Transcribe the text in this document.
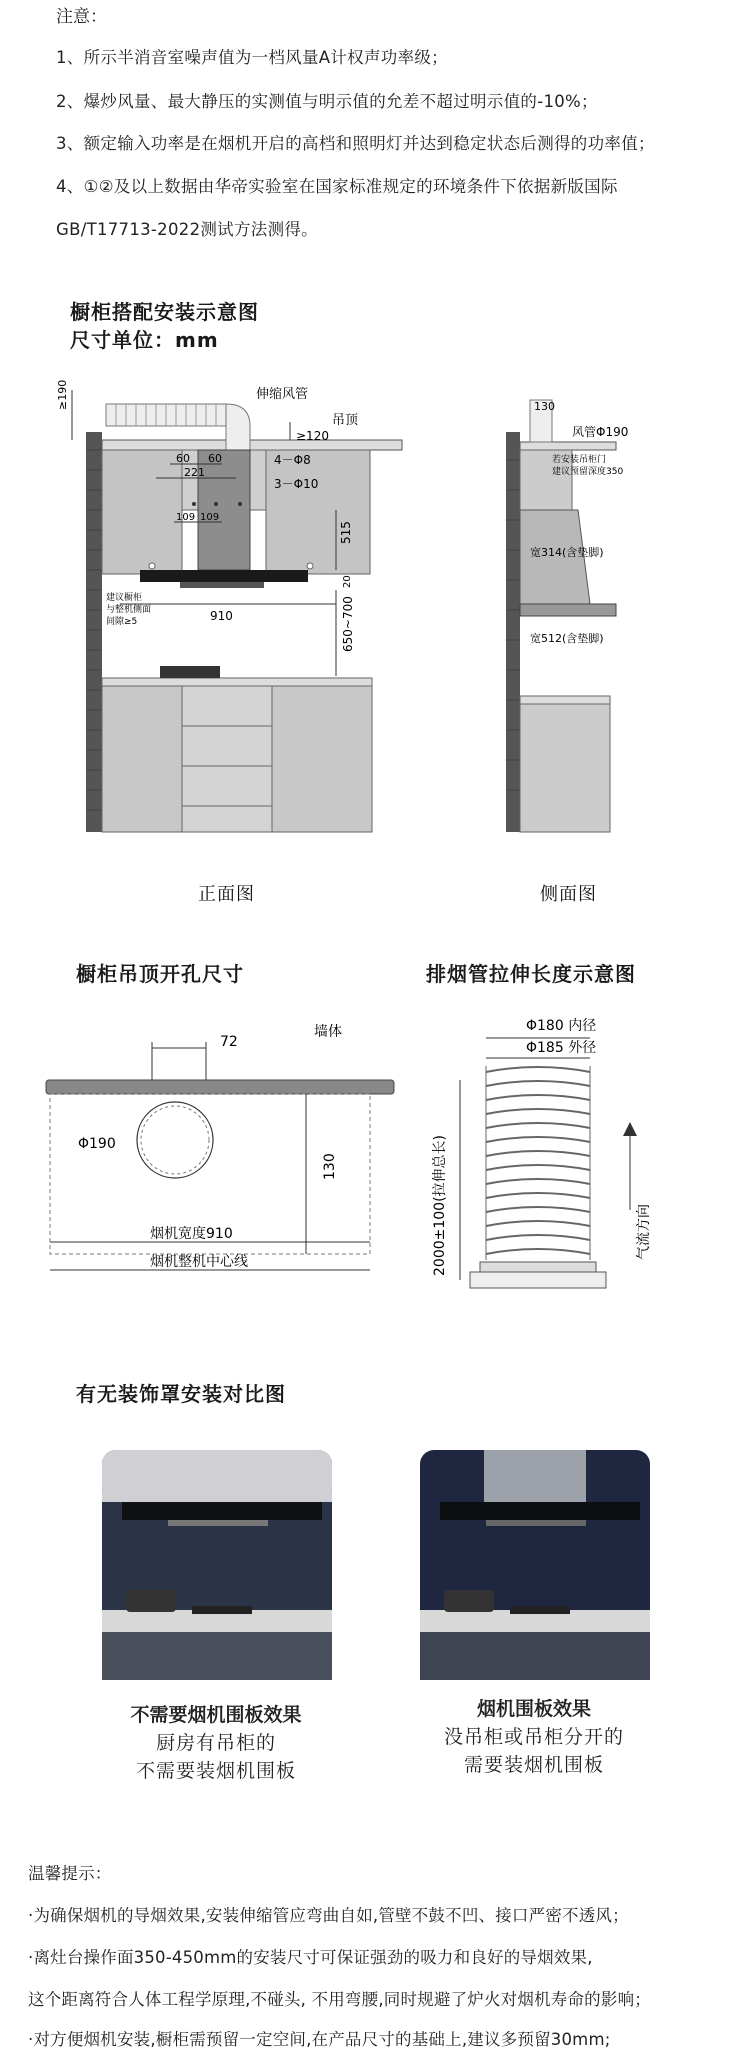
注意：
1、所示半消音室噪声值为一档风量A计权声功率级；
2、爆炒风量、最大静压的实测值与明示值的允差不超过明示值的-10%；
3、额定输入功率是在烟机开启的高档和照明灯并达到稳定状态后测得的功率值；
4、①②及以上数据由华帝实验室在国家标准规定的环境条件下依据新版国际
GB/T17713-2022测试方法测得。
橱柜搭配安装示意图
尺寸单位：mm
≥190	伸缩风管
吊顶
≥120
60 60
221
4－Φ8
3－Φ10
109 109
515
20
建议橱柜
与整机侧面
间隙≥5	910	650~700
130
风管Φ190
若安装吊柜门
建议预留深度350
宽314(含垫脚)
宽512(含垫脚)
正面图	侧面图
橱柜吊顶开孔尺寸
72
墙体
Φ190
130
烟机宽度910
烟机整机中心线
排烟管拉伸长度示意图
Φ180 内径
Φ185 外径
2000±100(拉伸总长)	气流方向
有无装饰罩安装对比图
不需要烟机围板效果
厨房有吊柜的
不需要装烟机围板
烟机围板效果
没吊柜或吊柜分开的
需要装烟机围板
温馨提示：
·为确保烟机的导烟效果,安装伸缩管应弯曲自如,管壁不鼓不凹、接口严密不透风；
·离灶台操作面350-450mm的安装尺寸可保证强劲的吸力和良好的导烟效果,
这个距离符合人体工程学原理,不碰头, 不用弯腰,同时规避了炉火对烟机寿命的影响；
·对方便烟机安装,橱柜需预留一定空间,在产品尺寸的基础上,建议多预留30mm;
